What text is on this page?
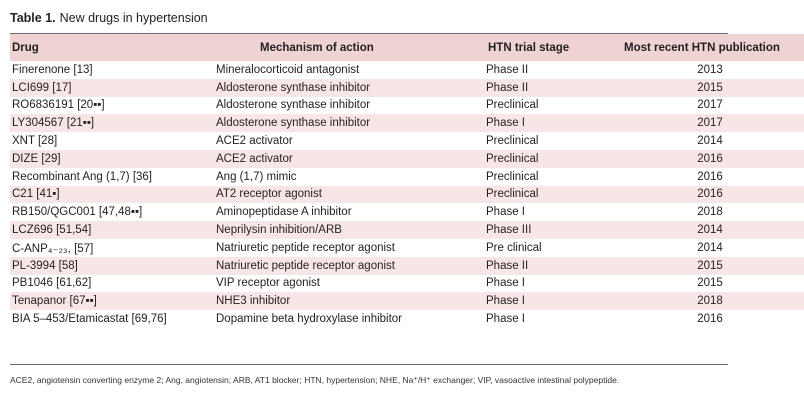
Table 1. New drugs in hypertension
Drug	Mechanism of action	HTN trial stage	Most recent HTN publication
Finerenone [13]	Mineralocorticoid antagonist	Phase II	2013
LCI699 [17]	Aldosterone synthase inhibitor	Phase II	2015
RO6836191 [20▪▪]	Aldosterone synthase inhibitor	Preclinical	2017
LY304567 [21▪▪]	Aldosterone synthase inhibitor	Phase I	2017
XNT [28]	ACE2 activator	Preclinical	2014
DIZE [29]	ACE2 activator	Preclinical	2016
Recombinant Ang (1,7) [36]	Ang (1,7) mimic	Preclinical	2016
C21 [41▪]	AT2 receptor agonist	Preclinical	2016
RB150/QGC001 [47,48▪▪]	Aminopeptidase A inhibitor	Phase I	2018
LCZ696 [51,54]	Neprilysin inhibition/ARB	Phase III	2014
C-ANP₄₋₂₃, [57]	Natriuretic peptide receptor agonist	Pre clinical	2014
PL-3994 [58]	Natriuretic peptide receptor agonist	Phase II	2015
PB1046 [61,62]	VIP receptor agonist	Phase I	2015
Tenapanor [67▪▪]	NHE3 inhibitor	Phase I	2018
BIA 5–453/Etamicastat [69,76]	Dopamine beta hydroxylase inhibitor	Phase I	2016
ACE2, angiotensin converting enzyme 2; Ang, angiotensin; ARB, AT1 blocker; HTN, hypertension; NHE, Na⁺/H⁺ exchanger; VIP, vasoactive intestinal polypeptide.
